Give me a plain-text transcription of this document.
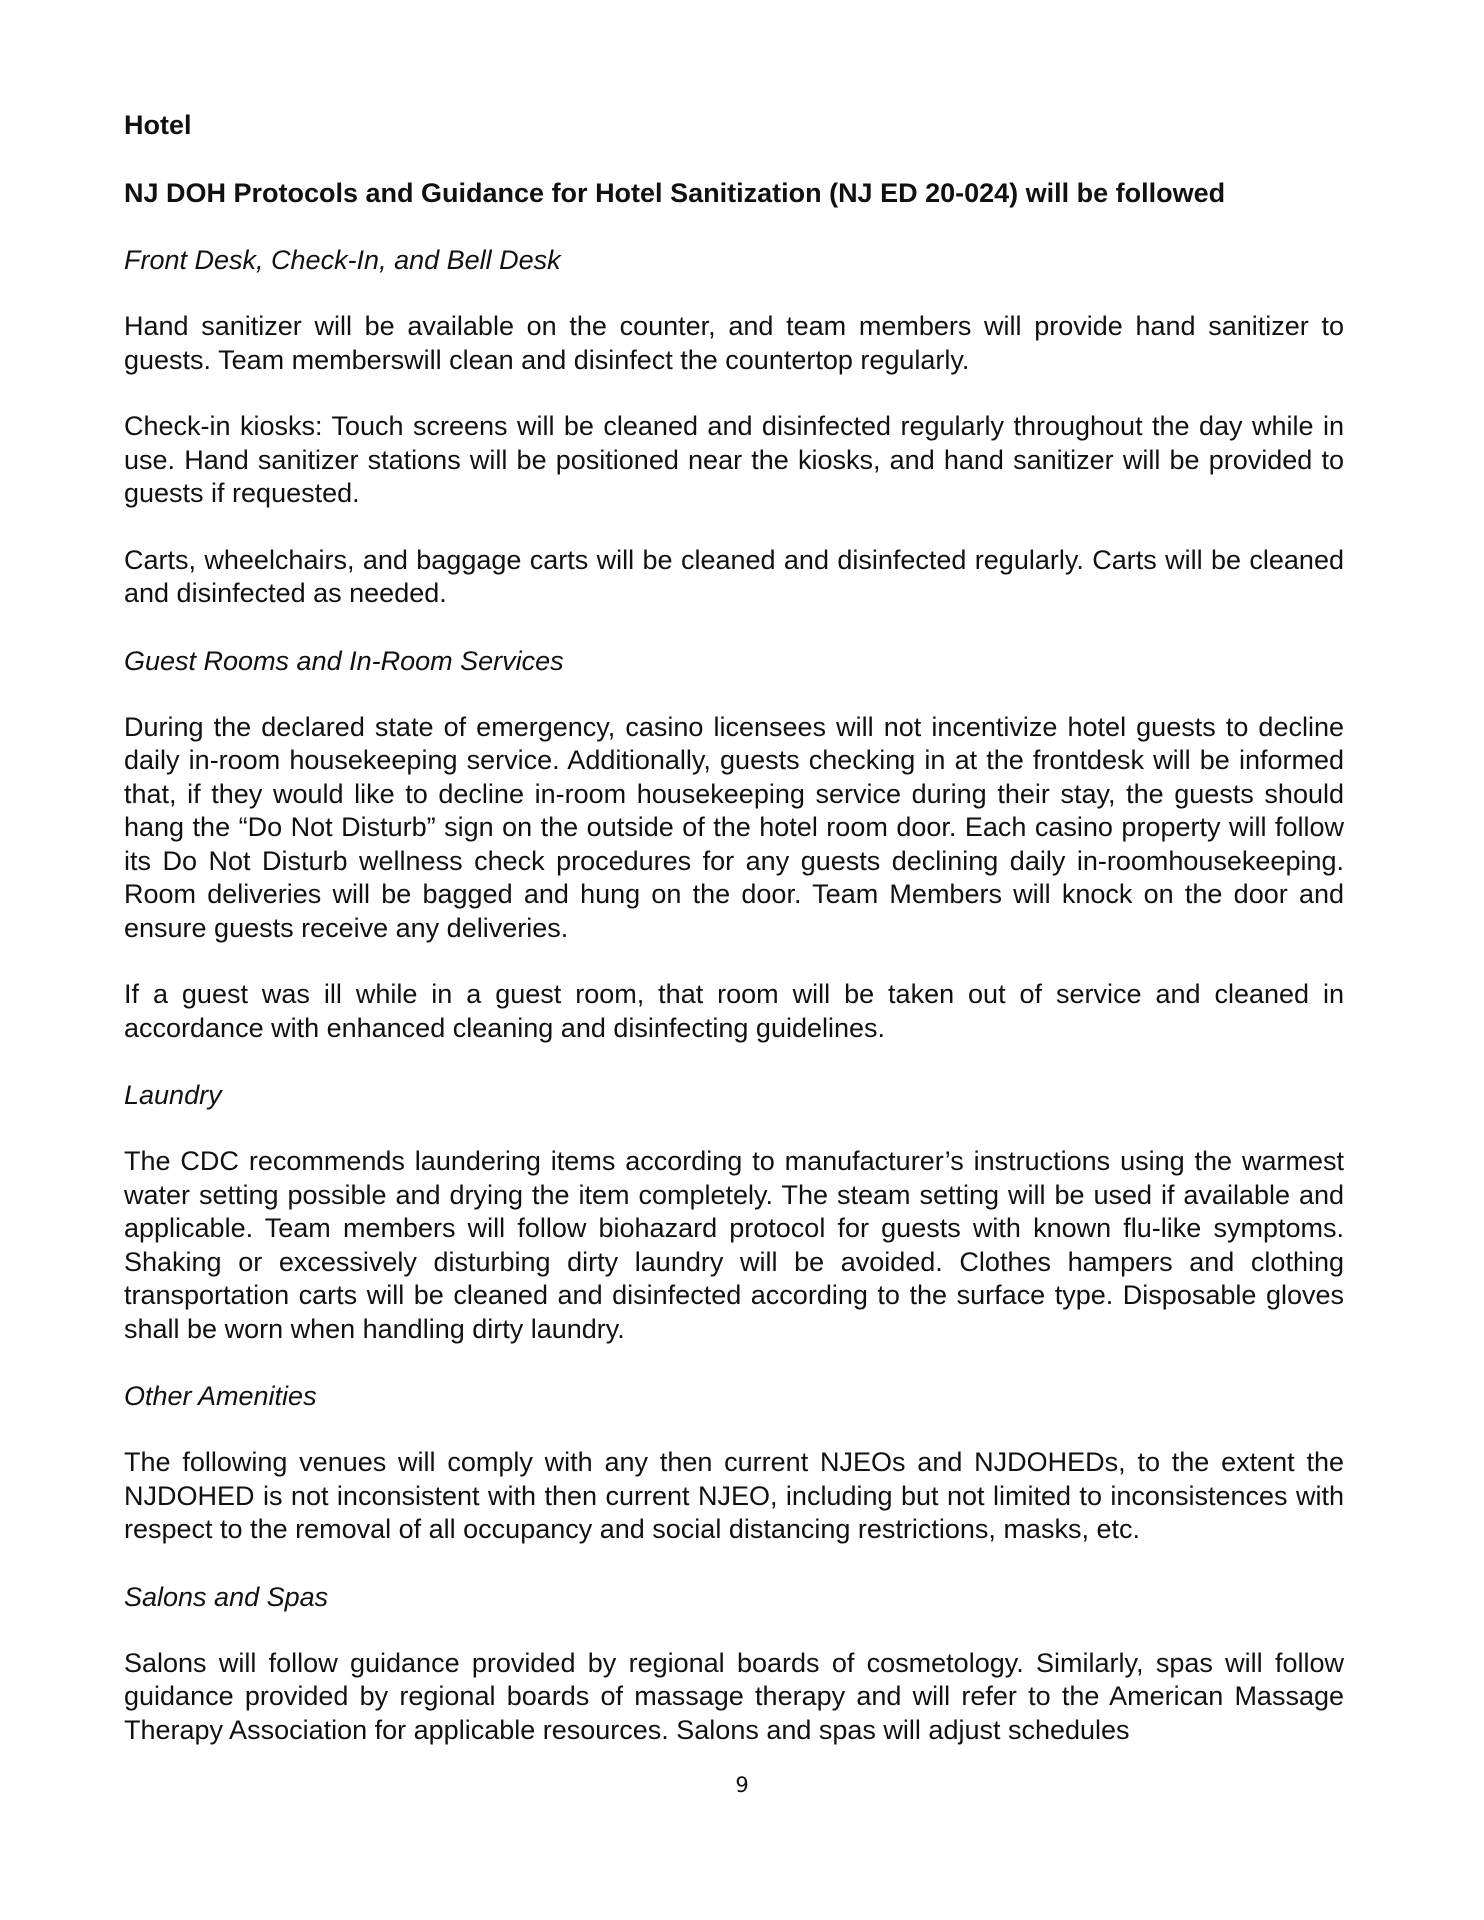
Hotel
NJ DOH Protocols and Guidance for Hotel Sanitization (NJ ED 20-024) will be followed
Front Desk, Check-In, and Bell Desk

Hand sanitizer will be available on the counter, and team members will provide hand sanitizer to guests. Team memberswill clean and disinfect the countertop regularly.

Check-in kiosks: Touch screens will be cleaned and disinfected regularly throughout the day while in use. Hand sanitizer stations will be positioned near the kiosks, and hand sanitizer will be provided to guests if requested.

Carts, wheelchairs, and baggage carts will be cleaned and disinfected regularly. Carts will be cleaned and disinfected as needed.

Guest Rooms and In-Room Services

During the declared state of emergency, casino licensees will not incentivize hotel guests to decline daily in-room housekeeping service. Additionally, guests checking in at the frontdesk will be informed that, if they would like to decline in-room housekeeping service during their stay, the guests should hang the “Do Not Disturb” sign on the outside of the hotel room door. Each casino property will follow its Do Not Disturb wellness check procedures for any guests declining daily in-roomhousekeeping. Room deliveries will be bagged and hung on the door. Team Members will knock on the door and ensure guests receive any deliveries.

If a guest was ill while in a guest room, that room will be taken out of service and cleaned in accordance with enhanced cleaning and disinfecting guidelines.

Laundry

The CDC recommends laundering items according to manufacturer’s instructions using the warmest water setting possible and drying the item completely. The steam setting will be used if available and applicable. Team members will follow biohazard protocol for guests with known flu-like symptoms. Shaking or excessively disturbing dirty laundry will be avoided. Clothes hampers and clothing transportation carts will be cleaned and disinfected according to the surface type. Disposable gloves shall be worn when handling dirty laundry.

Other Amenities

The following venues will comply with any then current NJEOs and NJDOHEDs, to the extent the NJDOHED is not inconsistent with then current NJEO, including but not limited to inconsistences with respect to the removal of all occupancy and social distancing restrictions, masks, etc.

Salons and Spas

Salons will follow guidance provided by regional boards of cosmetology. Similarly, spas will follow guidance provided by regional boards of massage therapy and will refer to the American Massage Therapy Association for applicable resources. Salons and spas will adjust schedules

9
